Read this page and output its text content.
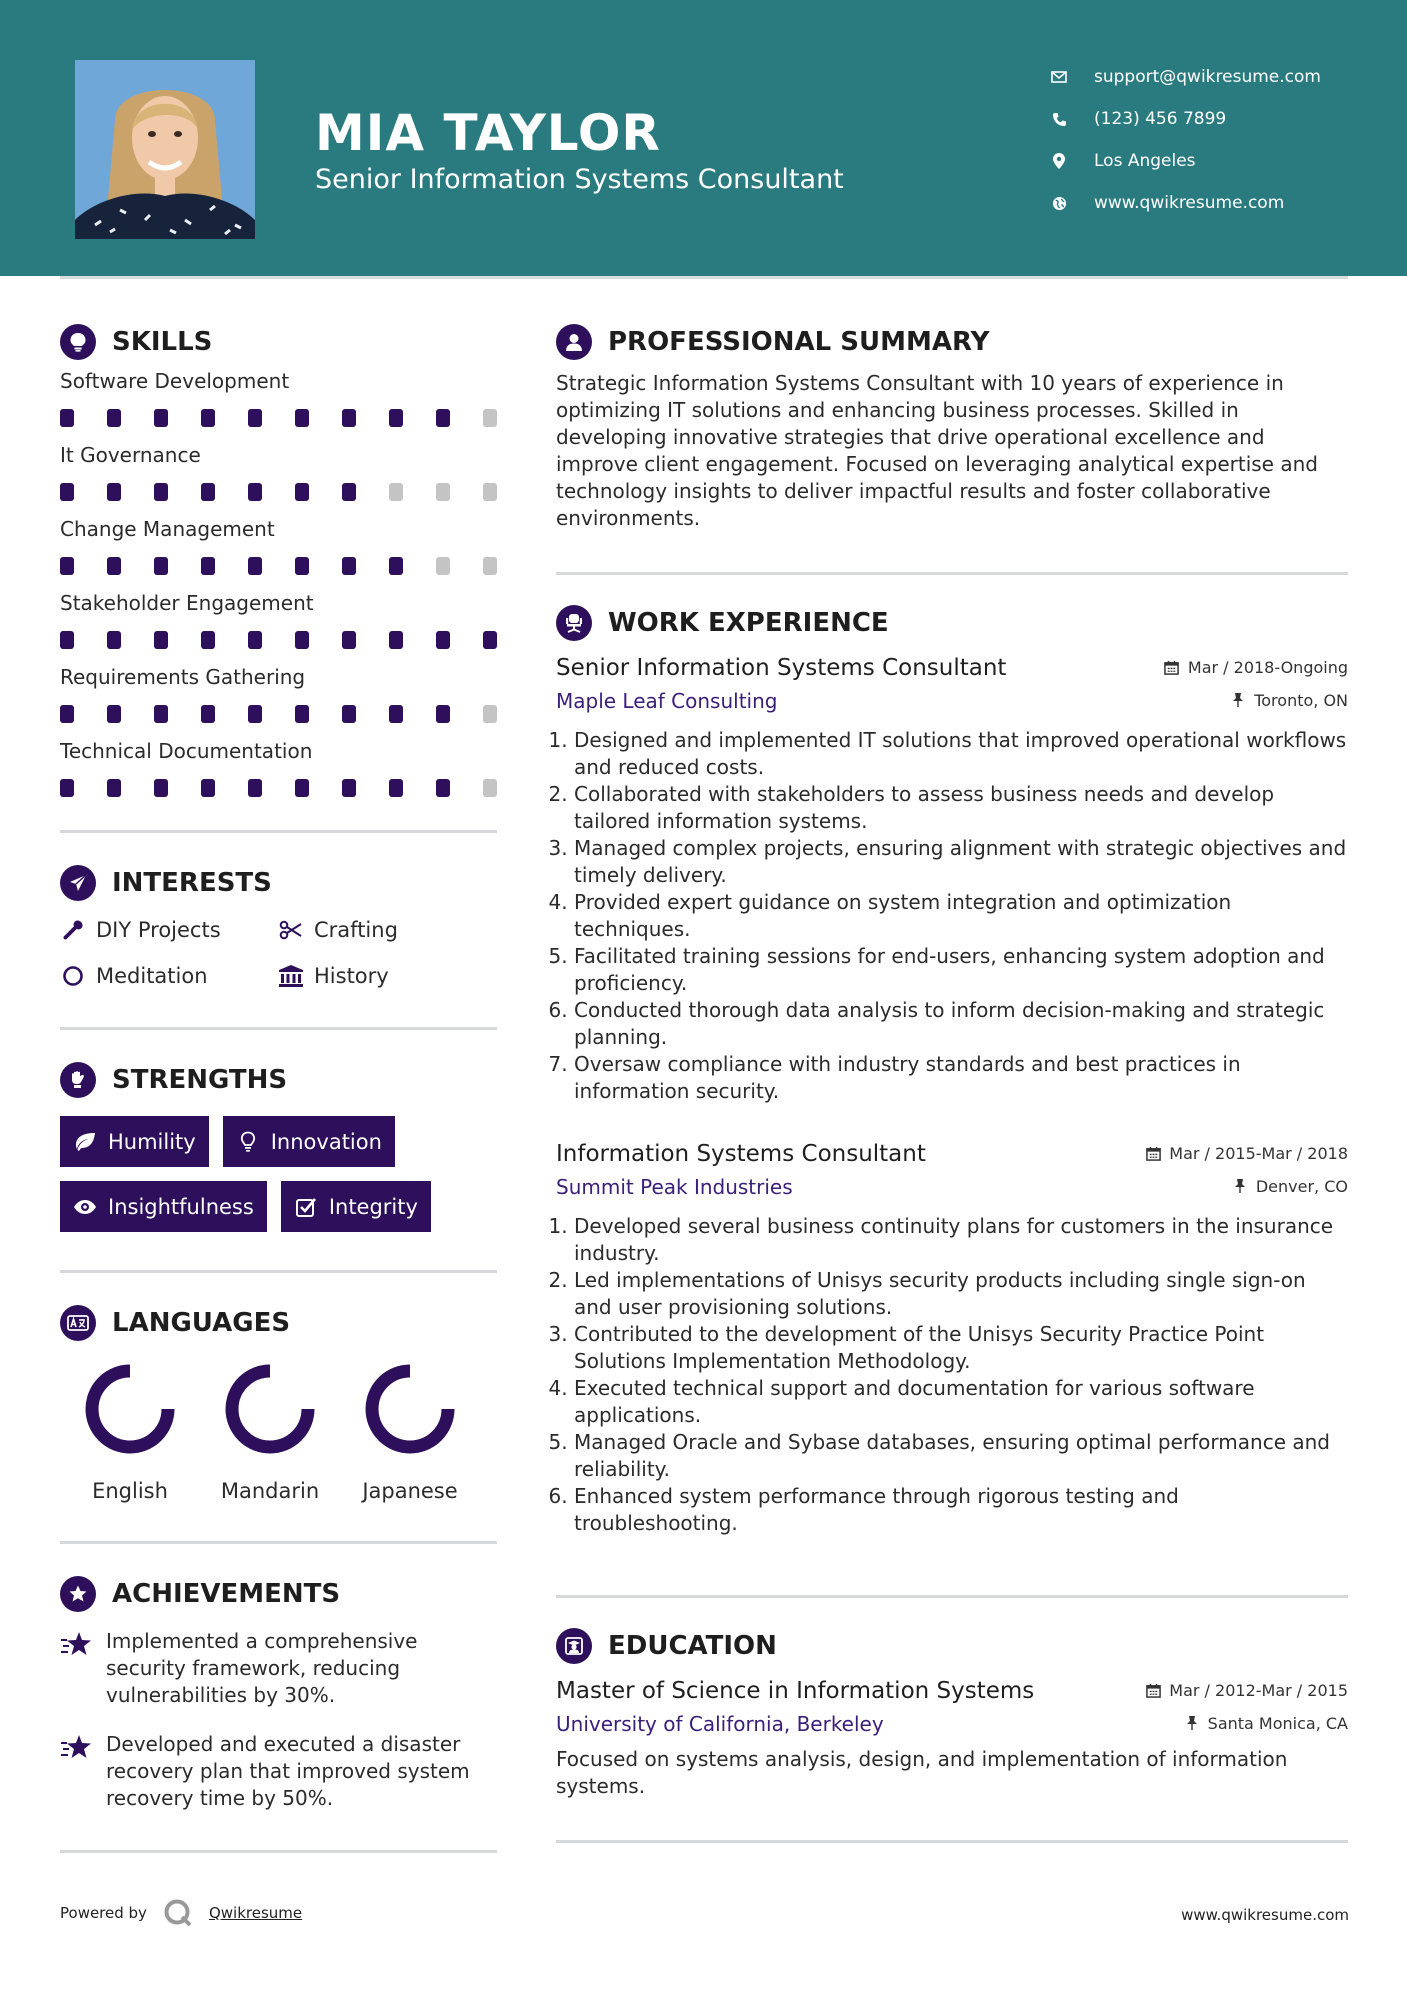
MIA TAYLOR
Senior Information Systems Consultant
support@qwikresume.com
(123) 456 7899
Los Angeles
www.qwikresume.com
SKILLS
Software Development
It Governance
Change Management
Stakeholder Engagement
Requirements Gathering
Technical Documentation
INTERESTS
DIY Projects	Crafting
Meditation	History
STRENGTHS
Humility	Innovation
Insightfulness	Integrity
LANGUAGES
English	Mandarin Japanese
ACHIEVEMENTS
Implemented a comprehensive security framework, reducing vulnerabilities by 30%.
Developed and executed a disaster recovery plan that improved system recovery time by 50%.
PROFESSIONAL SUMMARY

Strategic Information Systems Consultant with 10 years of experience in optimizing IT solutions and enhancing business processes. Skilled in developing innovative strategies that drive operational excellence and improve client engagement. Focused on leveraging analytical expertise and technology insights to deliver impactful results and foster collaborative environments.

WORK EXPERIENCE
Senior Information Systems Consultant	Mar / 2018-Ongoing
Maple Leaf Consulting	Toronto, ON
1. Designed and implemented IT solutions that improved operational workflows and reduced costs.
2. Collaborated with stakeholders to assess business needs and develop tailored information systems.
3. Managed complex projects, ensuring alignment with strategic objectives and timely delivery.
4. Provided expert guidance on system integration and optimization techniques.
5. Facilitated training sessions for end-users, enhancing system adoption and proficiency.
6. Conducted thorough data analysis to inform decision-making and strategic planning.
7. Oversaw compliance with industry standards and best practices in information security.
Information Systems Consultant	Mar / 2015-Mar / 2018
Summit Peak Industries	Denver, CO
1. Developed several business continuity plans for customers in the insurance industry.
2. Led implementations of Unisys security products including single sign-on and user provisioning solutions.
3. Contributed to the development of the Unisys Security Practice Point Solutions Implementation Methodology.
4. Executed technical support and documentation for various software applications.
5. Managed Oracle and Sybase databases, ensuring optimal performance and reliability.
6. Enhanced system performance through rigorous testing and troubleshooting.
EDUCATION
Master of Science in Information Systems	Mar / 2012-Mar / 2015
University of California, Berkeley	Santa Monica, CA

Focused on systems analysis, design, and implementation of information systems.

Powered by	Qwikresume	www.qwikresume.com
